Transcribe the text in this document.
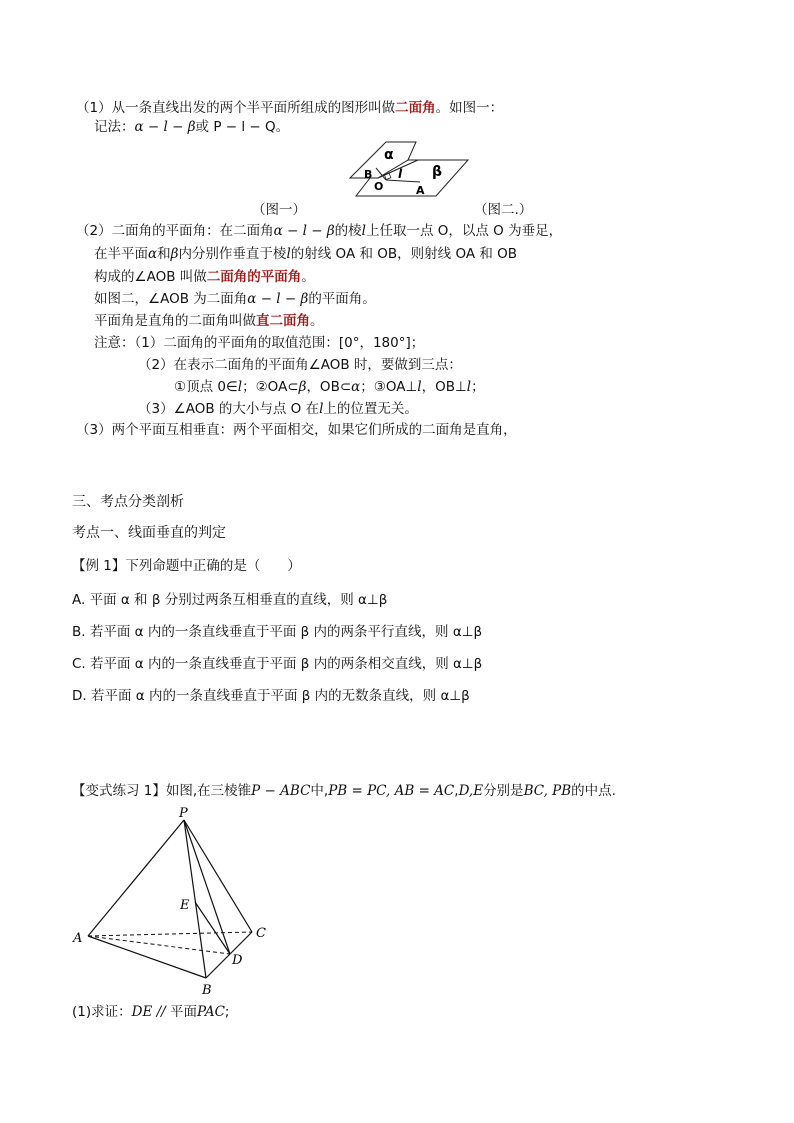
（1）从一条直线出发的两个半平面所组成的图形叫做二面角。如图一：
记法：α − l − β或 P − l − Q。
α
l β
B
O	A
（图一）	（图二.）
（2）二面角的平面角：在二面角α − l − β的棱l上任取一点 O，以点 O 为垂足，
在半平面α和β内分别作垂直于棱l的射线 OA 和 OB，则射线 OA 和 OB
构成的∠AOB 叫做二面角的平面角。
如图二，∠AOB 为二面角α − l − β的平面角。
平面角是直角的二面角叫做直二面角。
注意：（1）二面角的平面角的取值范围：[0°，180°]；
（2）在表示二面角的平面角∠AOB 时，要做到三点：
①顶点 0∈l；②OA⊂β，OB⊂α；③OA⊥l，OB⊥l；
（3）∠AOB 的大小与点 O 在l上的位置无关。
（3）两个平面互相垂直：两个平面相交，如果它们所成的二面角是直角，
三、考点分类剖析
考点一、线面垂直的判定
【例 1】下列命题中正确的是（　　）
A. 平面 α 和 β 分别过两条互相垂直的直线，则 α⊥β
B. 若平面 α 内的一条直线垂直于平面 β 内的两条平行直线，则 α⊥β
C. 若平面 α 内的一条直线垂直于平面 β 内的两条相交直线，则 α⊥β
D. 若平面 α 内的一条直线垂直于平面 β 内的无数条直线，则 α⊥β
【变式练习 1】如图,在三棱锥P − ABC中,PB = PC, AB = AC,D,E分别是BC, PB的中点.
P
E
A	C
D
B
(1)求证：DE // 平面PAC;
